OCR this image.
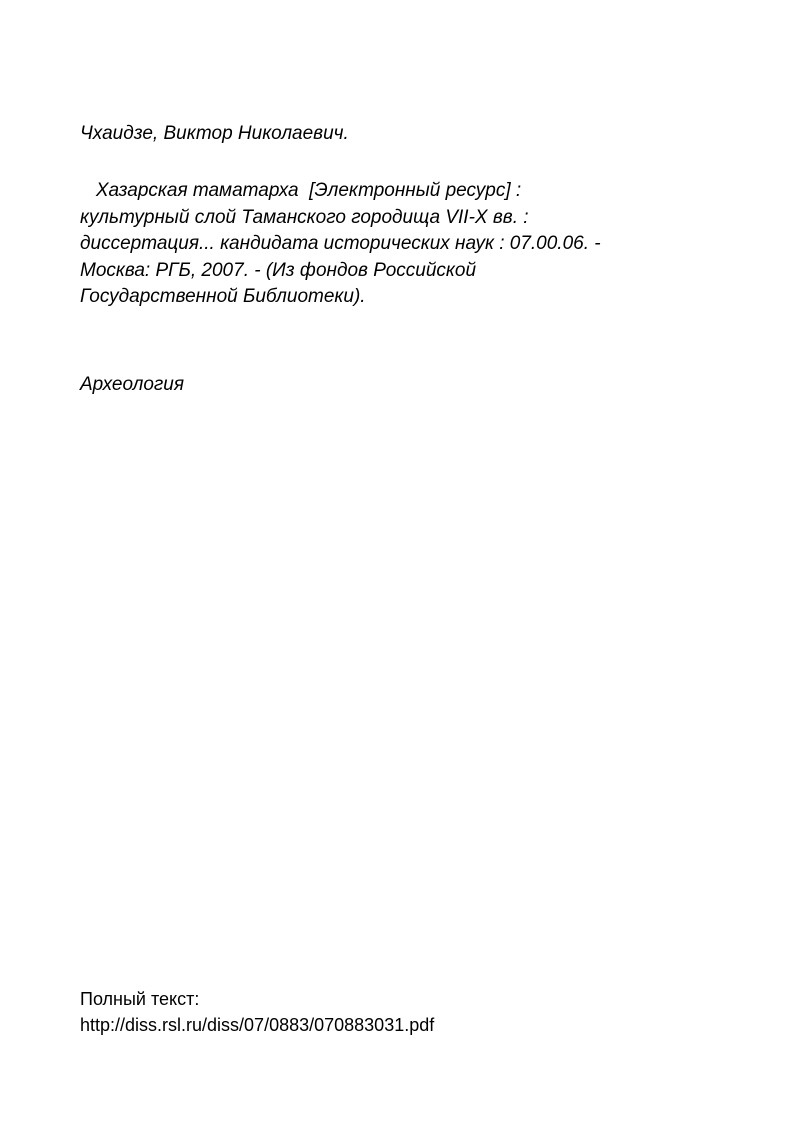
Чхаидзе, Виктор Николаевич.
Хазарская таматарха  [Электронный ресурс] :
культурный слой Таманского городища VII-X вв. :
диссертация... кандидата исторических наук : 07.00.06. -
Москва: РГБ, 2007. - (Из фондов Российской
Государственной Библиотеки).
Археология
Полный текст:
http://diss.rsl.ru/diss/07/0883/070883031.pdf
